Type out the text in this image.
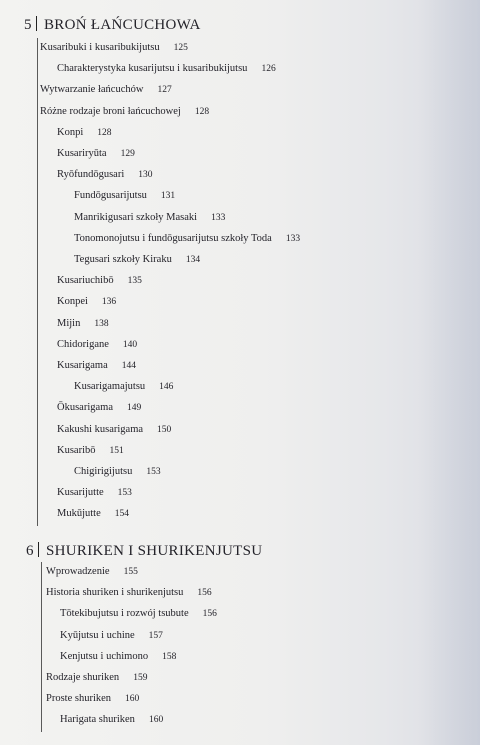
5 BROŃ ŁAŃCUCHOWA
Kusaribuki i kusaribukijutsu 125
Charakterystyka kusarijutsu i kusaribukijutsu 126
Wytwarzanie łańcuchów 127
Różne rodzaje broni łańcuchowej 128
Konpi 128
Kusariryūta 129
Ryōfundōgusari 130
Fundōgusarijutsu 131
Manrikigusari szkoły Masaki 133
Tonomonojutsu i fundōgusarijutsu szkoły Toda 133
Tegusari szkoły Kiraku 134
Kusariuchibō 135
Konpei 136
Mijin 138
Chidorigane 140
Kusarigama 144
Kusarigamajutsu 146
Ōkusarigama 149
Kakushi kusarigama 150
Kusaribō 151
Chigirigijutsu 153
Kusarijutte 153
Mukūjutte 154
6 SHURIKEN I SHURIKENJUTSU
Wprowadzenie 155
Historia shuriken i shurikenjutsu 156
Tōtekibujutsu i rozwój tsubute 156
Kyūjutsu i uchine 157
Kenjutsu i uchimono 158
Rodzaje shuriken 159
Proste shuriken 160
Harigata shuriken 160
